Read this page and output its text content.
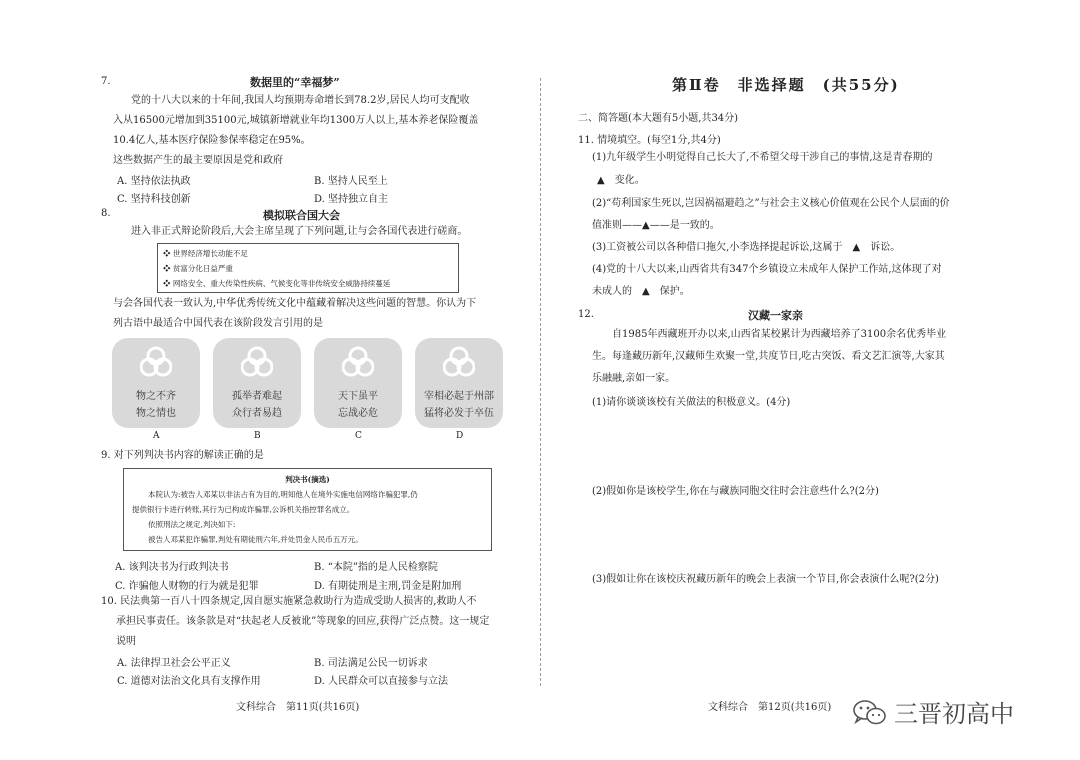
7.	数据里的“幸福梦”
党的十八大以来的十年间,我国人均预期寿命增长到78.2岁,居民人均可支配收
入从16500元增加到35100元,城镇新增就业年均1300万人以上,基本养老保险覆盖
10.4亿人,基本医疗保险参保率稳定在95%。
这些数据产生的最主要原因是党和政府
A. 坚持依法执政	B. 坚持人民至上
C. 坚持科技创新	D. 坚持独立自主
8.	模拟联合国大会
进入非正式辩论阶段后,大会主席呈现了下列问题,让与会各国代表进行磋商。
❖ 世界经济增长动能不足
❖ 贫富分化日益严重
❖ 网络安全、重大传染性疾病、气候变化等非传统安全威胁持续蔓延
与会各国代表一致认为,中华优秀传统文化中蕴藏着解决这些问题的智慧。你认为下
列古语中最适合中国代表在该阶段发言引用的是
物之不齐
物之情也
孤举者难起
众行者易趋
天下虽平
忘战必危
宰相必起于州部
猛将必发于卒伍
A	B	C	D
9. 对下列判决书内容的解读正确的是
判决书(摘选)
本院认为:被告人邓某以非法占有为目的,明知他人在境外实施电信网络诈骗犯罪,仍
提供银行卡进行转账,其行为已构成诈骗罪,公诉机关指控罪名成立。
依照刑法之规定,判决如下:
被告人邓某犯诈骗罪,判处有期徒刑六年,并处罚金人民币五万元。
A. 该判决书为行政判决书	B. “本院”指的是人民检察院
C. 诈骗他人财物的行为就是犯罪	D. 有期徒刑是主刑,罚金是附加刑
10. 民法典第一百八十四条规定,因自愿实施紧急救助行为造成受助人损害的,救助人不
承担民事责任。该条款是对“扶起老人反被讹”等现象的回应,获得广泛点赞。这一规定
说明
A. 法律捍卫社会公平正义	B. 司法满足公民一切诉求
C. 道德对法治文化具有支撑作用	D. 人民群众可以直接参与立法
文科综合　第11页(共16页)
第Ⅱ卷　非选择题　(共55分)
二、简答题(本大题有5小题,共34分)
11. 情境填空。(每空1分,共4分)
(1)九年级学生小明觉得自己长大了,不希望父母干涉自己的事情,这是青春期的
▲　变化。
(2)“苟利国家生死以,岂因祸福避趋之”与社会主义核心价值观在公民个人层面的价
值准则——▲——是一致的。
(3)工资被公司以各种借口拖欠,小李选择提起诉讼,这属于　▲　诉讼。
(4)党的十八大以来,山西省共有347个乡镇设立未成年人保护工作站,这体现了对
未成人的　▲　保护。
12.	汉藏一家亲
自1985年西藏班开办以来,山西省某校累计为西藏培养了3100余名优秀毕业
生。每逢藏历新年,汉藏师生欢聚一堂,共度节日,吃古突饭、看文艺汇演等,大家其
乐融融,亲如一家。
(1)请你谈谈该校有关做法的积极意义。(4分)
(2)假如你是该校学生,你在与藏族同胞交往时会注意些什么?(2分)
(3)假如让你在该校庆祝藏历新年的晚会上表演一个节目,你会表演什么呢?(2分)
文科综合　第12页(共16页)	三晋初高中
